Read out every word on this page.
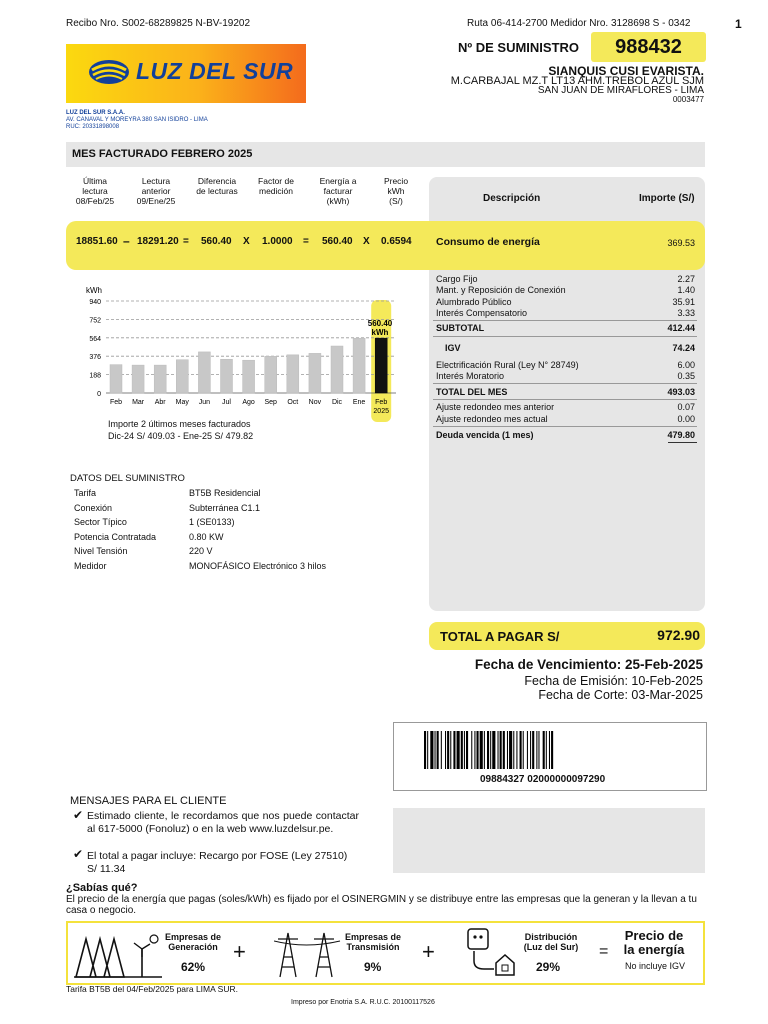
Recibo Nro. S002-68289825 N-BV-19202	Ruta 06-414-2700 Medidor Nro. 3128698 S - 0342	1
LUZ DEL SUR
LUZ DEL SUR S.A.A.
AV. CANAVAL Y MOREYRA 380 SAN ISIDRO - LIMA
RUC: 20331898008
Nº DE SUMINISTRO	988432
SIANQUIS CUSI EVARISTA.
M.CARBAJAL MZ.T LT13 AHM.TREBOL AZUL SJM
SAN JUAN DE MIRAFLORES - LIMA
0003477
MES FACTURADO FEBRERO 2025
Última
lectura
08/Feb/25
Lectura
anterior
09/Ene/25
Diferencia
de lecturas
Factor de
medición
Energía a
facturar
(kWh)
Precio
kWh
(S/)	Descripción	Importe (S/)
18851.60 – 18291.20 = 560.40 X 1.0000 = 560.40 X 0.6594 Consumo de energía	369.53
Cargo Fijo	2.27
Mant. y Reposición de Conexión	1.40
Alumbrado Público	35.91
Interés Compensatorio	3.33
SUBTOTAL	412.44
IGV	74.24
Electrificación Rural (Ley N° 28749)	6.00
Interés Moratorio	0.35
TOTAL DEL MES	493.03
Ajuste redondeo mes anterior	0.07
Ajuste redondeo mes actual	0.00
Deuda vencida (1 mes)	479.80
kWh
940
752
564
376
188
0
Feb Mar Abr May Jun Jul Ago Sep Oct Nov Dic Ene Feb
2025
560.40
kWh
Importe 2 últimos meses facturados
Dic-24 S/ 409.03 - Ene-25 S/ 479.82
DATOS DEL SUMINISTRO
Tarifa	BT5B Residencial
Conexión	Subterránea C1.1
Sector Típico	1 (SE0133)
Potencia Contratada	0.80 KW
Nivel Tensión	220 V
Medidor	MONOFÁSICO Electrónico 3 hilos
TOTAL A PAGAR S/	972.90
Fecha de Vencimiento: 25-Feb-2025
Fecha de Emisión: 10-Feb-2025
Fecha de Corte: 03-Mar-2025
09884327 02000000097290
MENSAJES PARA EL CLIENTE
✔ Estimado cliente, le recordamos que nos puede contactar al 617-5000 (Fonoluz) o en la web www.luzdelsur.pe.
✔ El total a pagar incluye: Recargo por FOSE (Ley 27510) S/ 11.34
¿Sabías qué?
El precio de la energía que pagas (soles/kWh) es fijado por el OSINERGMIN y se distribuye entre las empresas que la generan y la llevan a tu casa o negocio.
Empresas de
Generación
62%
+
Empresas de
Transmisión
9%
+
Distribución
(Luz del Sur)
29%
=
Precio de
la energía
No incluye IGV
Tarifa BT5B del 04/Feb/2025 para LIMA SUR.
Impreso por Enotria S.A. R.U.C. 20100117526
